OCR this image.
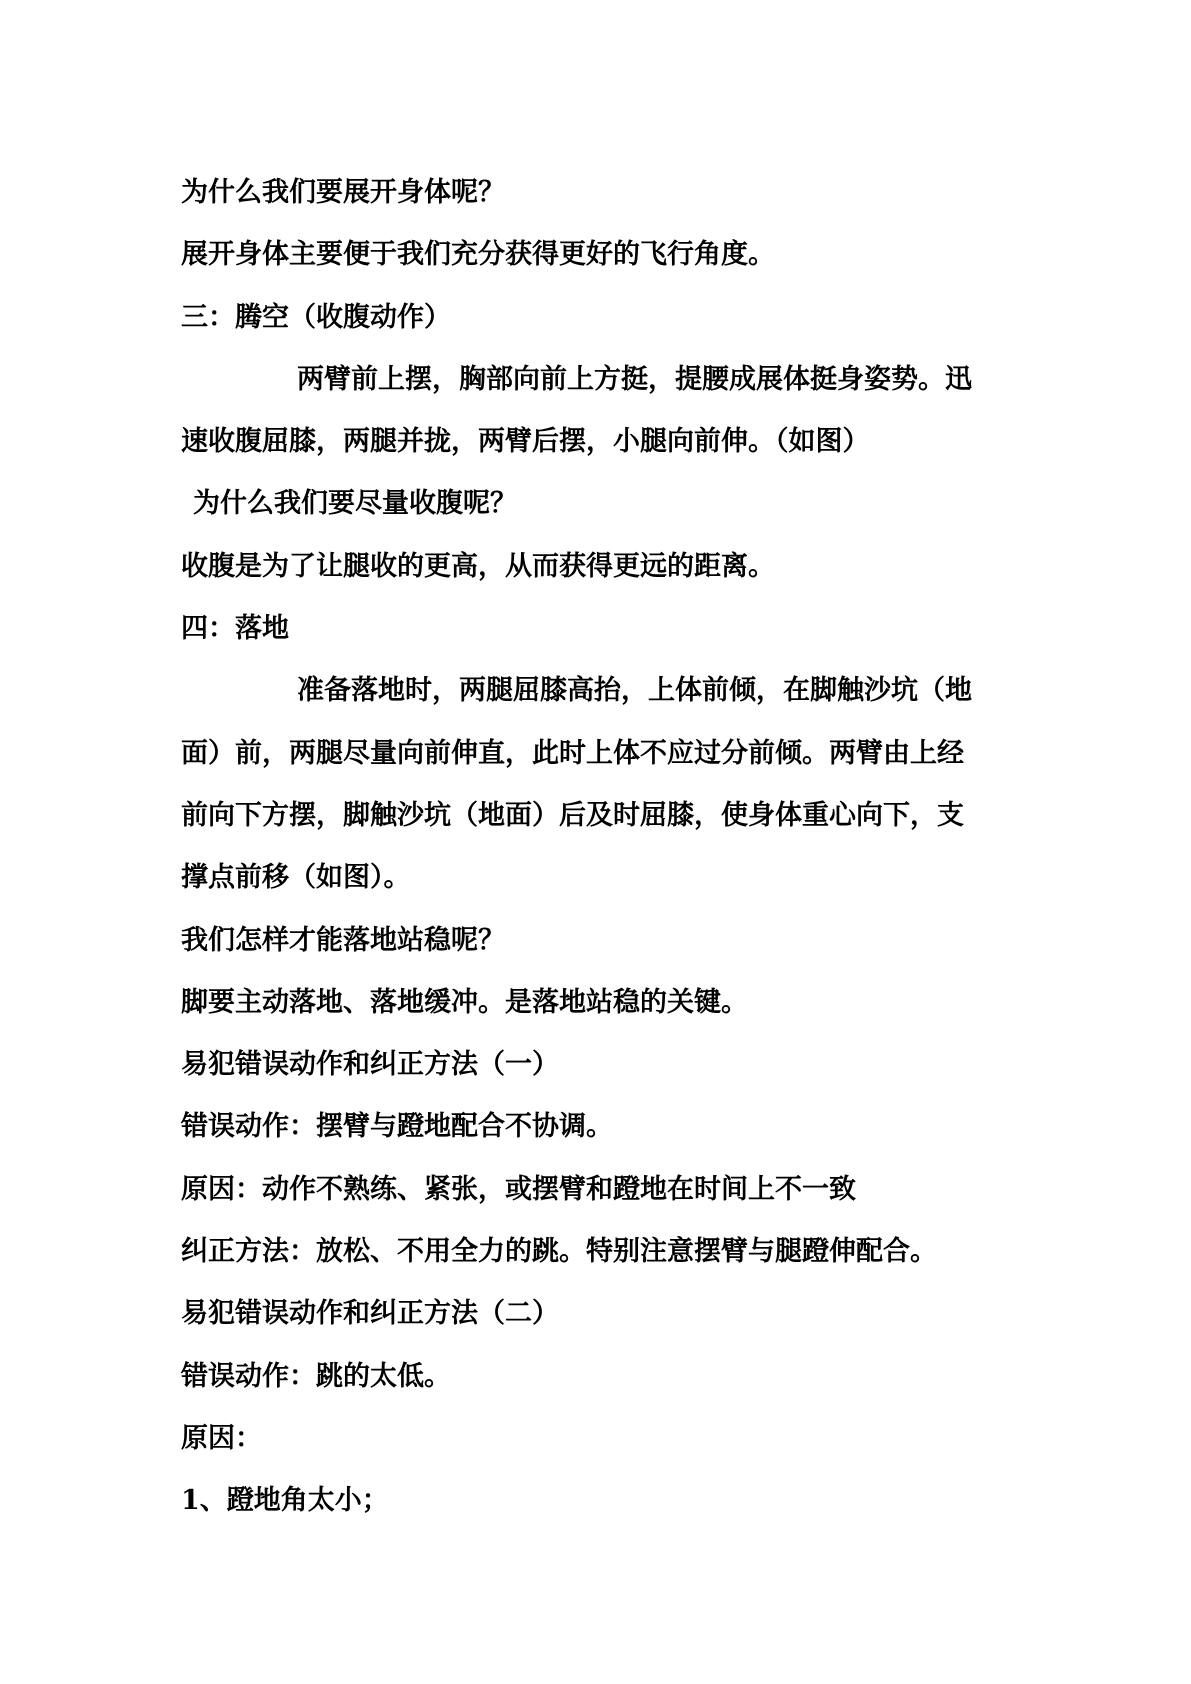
为什么我们要展开身体呢？
展开身体主要便于我们充分获得更好的飞行角度。
三：腾空（收腹动作）
两臂前上摆，胸部向前上方挺，提腰成展体挺身姿势。迅
速收腹屈膝，两腿并拢，两臂后摆，小腿向前伸。（如图）
为什么我们要尽量收腹呢？
收腹是为了让腿收的更高，从而获得更远的距离。
四：落地
准备落地时，两腿屈膝高抬，上体前倾，在脚触沙坑（地
面）前，两腿尽量向前伸直，此时上体不应过分前倾。两臂由上经
前向下方摆，脚触沙坑（地面）后及时屈膝，使身体重心向下，支
撑点前移（如图）。
我们怎样才能落地站稳呢？
脚要主动落地、落地缓冲。是落地站稳的关键。
易犯错误动作和纠正方法（一）
错误动作：摆臂与蹬地配合不协调。
原因：动作不熟练、紧张，或摆臂和蹬地在时间上不一致
纠正方法：放松、不用全力的跳。特别注意摆臂与腿蹬伸配合。
易犯错误动作和纠正方法（二）
错误动作：跳的太低。
原因：
1、蹬地角太小；
